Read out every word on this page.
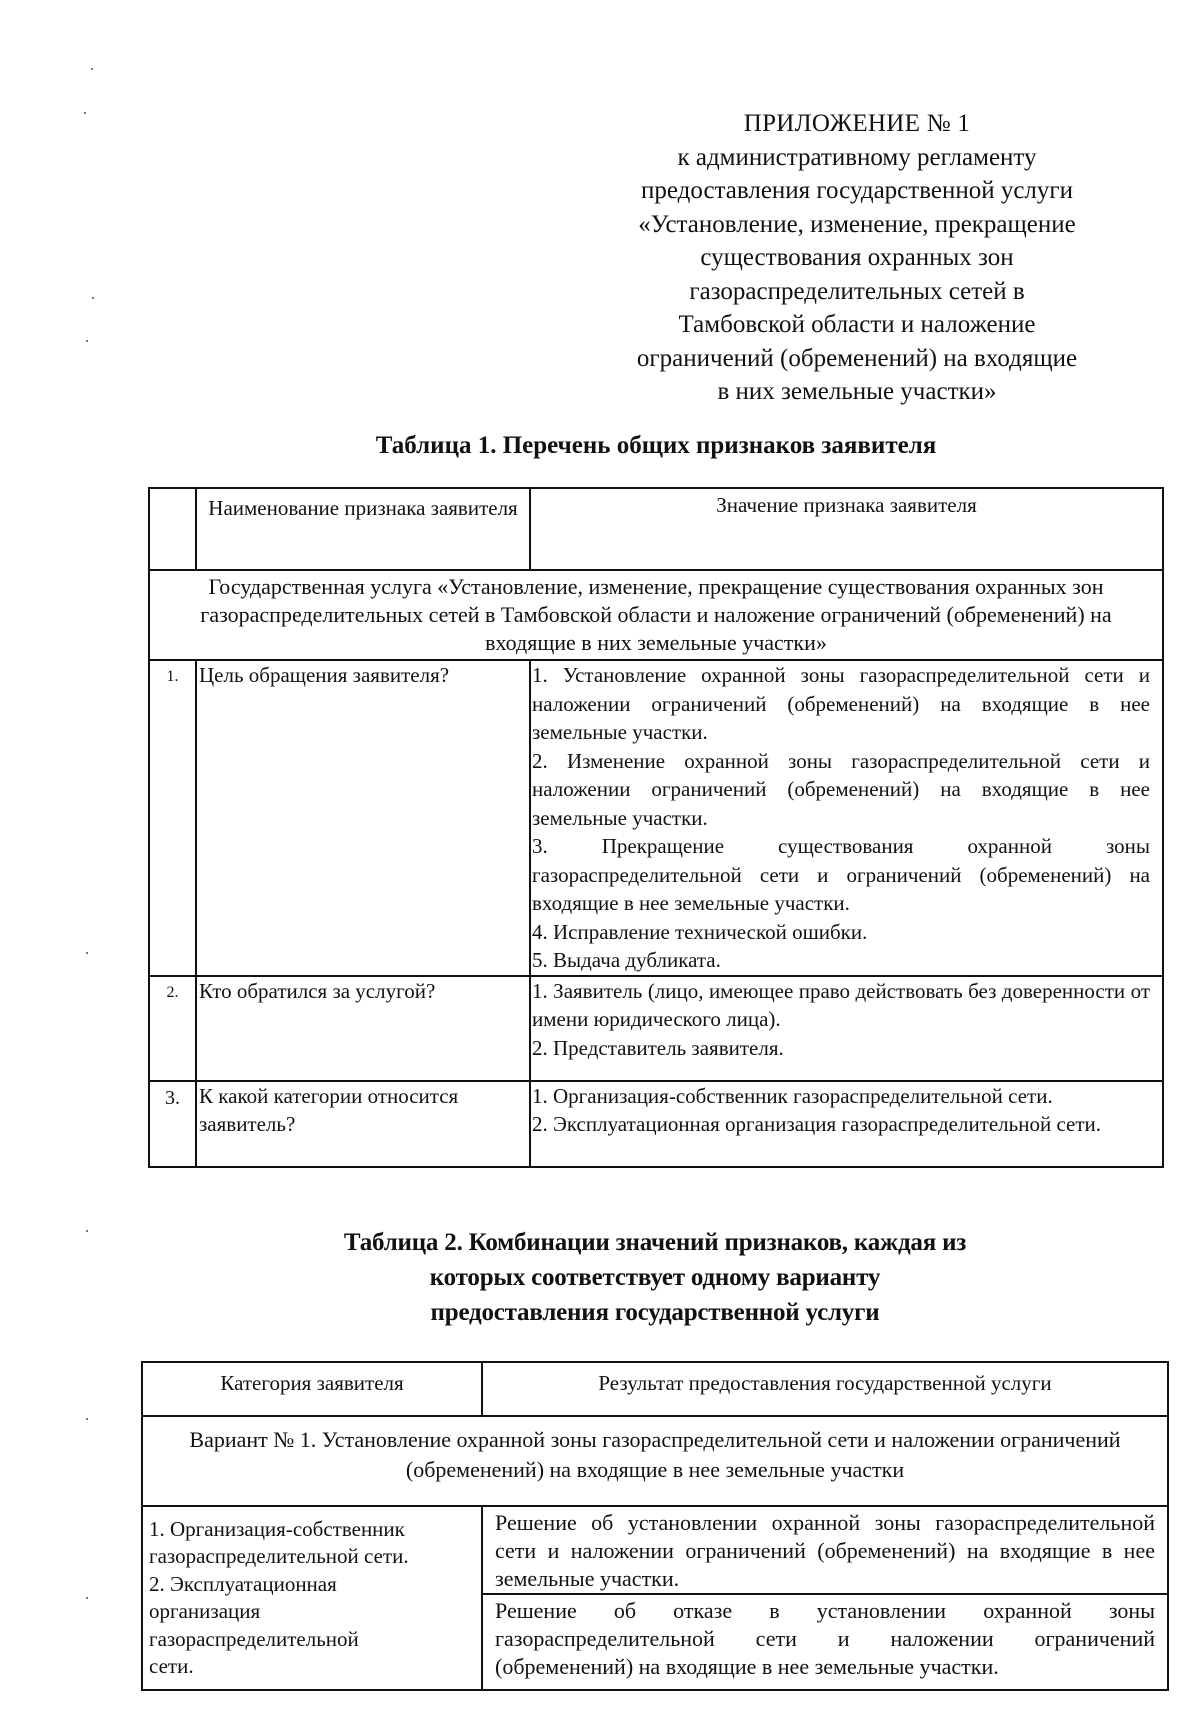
ПРИЛОЖЕНИЕ № 1
к административному регламенту
предоставления государственной услуги
«Установление, изменение, прекращение
существования охранных зон
газораспределительных сетей в
Тамбовской области и наложение
ограничений (обременений) на входящие
в них земельные участки»
Таблица 1. Перечень общих признаков заявителя
	Наименование признака заявителя	Значение признака заявителя
Государственная услуга «Установление, изменение, прекращение существования охранных зон газораспределительных сетей в Тамбовской области и наложение ограничений (обременений) на входящие в них земельные участки»		
1.	Цель обращения заявителя?	1. Установление охранной зоны газораспределительной сети и наложении ограничений (обременений) на входящие в нее земельные участки.
2. Изменение охранной зоны газораспределительной сети и наложении ограничений (обременений) на входящие в нее земельные участки.
3. Прекращение существования охранной зоны газораспределительной сети и ограничений (обременений) на входящие в нее земельные участки.
4. Исправление технической ошибки.
5. Выдача дубликата.

2.	Кто обратился за услугой?	1. Заявитель (лицо, имеющее право действовать без доверенности от имени юридического лица).
2. Представитель заявителя.

3.	К какой категории относится заявитель?	1. Организация-собственник газораспределительной сети.
2. Эксплуатационная организация газораспределительной сети.
Таблица 2. Комбинации значений признаков, каждая из которых соответствует одному варианту предоставления государственной услуги
Категория заявителя	Результат предоставления государственной услуги
Вариант № 1. Установление охранной зоны газораспределительной сети и наложении ограничений (обременений) на входящие в нее земельные участки	

1. Организация-собственник газораспределительной сети.
2. Эксплуатационная организация газораспределительной сети.	Решение об установлении охранной зоны газораспределительной сети и наложении ограничений (обременений) на входящие в нее земельные участки.
	Решение об отказе в установлении охранной зоны газораспределительной сети и наложении ограничений (обременений) на входящие в нее земельные участки.
